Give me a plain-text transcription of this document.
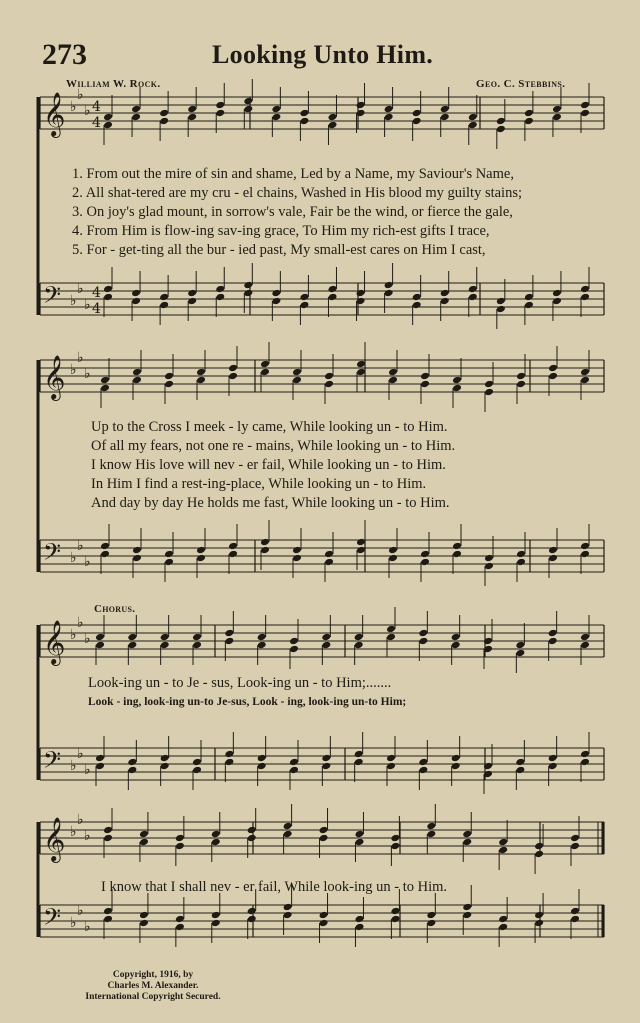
273	Looking Unto Him.
William W. Rock.	Geo. C. Stebbins.
𝄞 ♭
♭
♭ 4
4
𝄢 ♭
♭
♭
4
4
𝄞 ♭
♭
♭
𝄢 ♭
♭
♭
𝄞 ♭
♭
♭
𝄢 ♭
♭
♭
𝄞 ♭
♭
♭
𝄢 ♭
♭
♭
1. From out the mire of sin and shame, Led by a Name, my Saviour's Name,
2. All shat-tered are my cru - el chains, Washed in His blood my guilty stains;
3. On joy's glad mount, in sorrow's vale, Fair be the wind, or fierce the gale,
4. From Him is flow-ing sav-ing grace, To Him my rich-est gifts I trace,
5. For - get-ting all the bur - ied past, My small-est cares on Him I cast,
Up to the Cross I meek - ly came, While looking un - to Him.
Of all my fears, not one re - mains, While looking un - to Him.
I know His love will nev - er fail, While looking un - to Him.
In Him I find a rest-ing-place, While looking un - to Him.
And day by day He holds me fast, While looking un - to Him.
Chorus.
Look-ing un - to Je - sus, Look-ing un - to Him;.......
Look - ing, look-ing un-to Je-sus, Look - ing, look-ing un-to Him;
I know that I shall nev - er fail, While look-ing un - to Him.
Copyright, 1916, by
Charles M. Alexander.
International Copyright Secured.
